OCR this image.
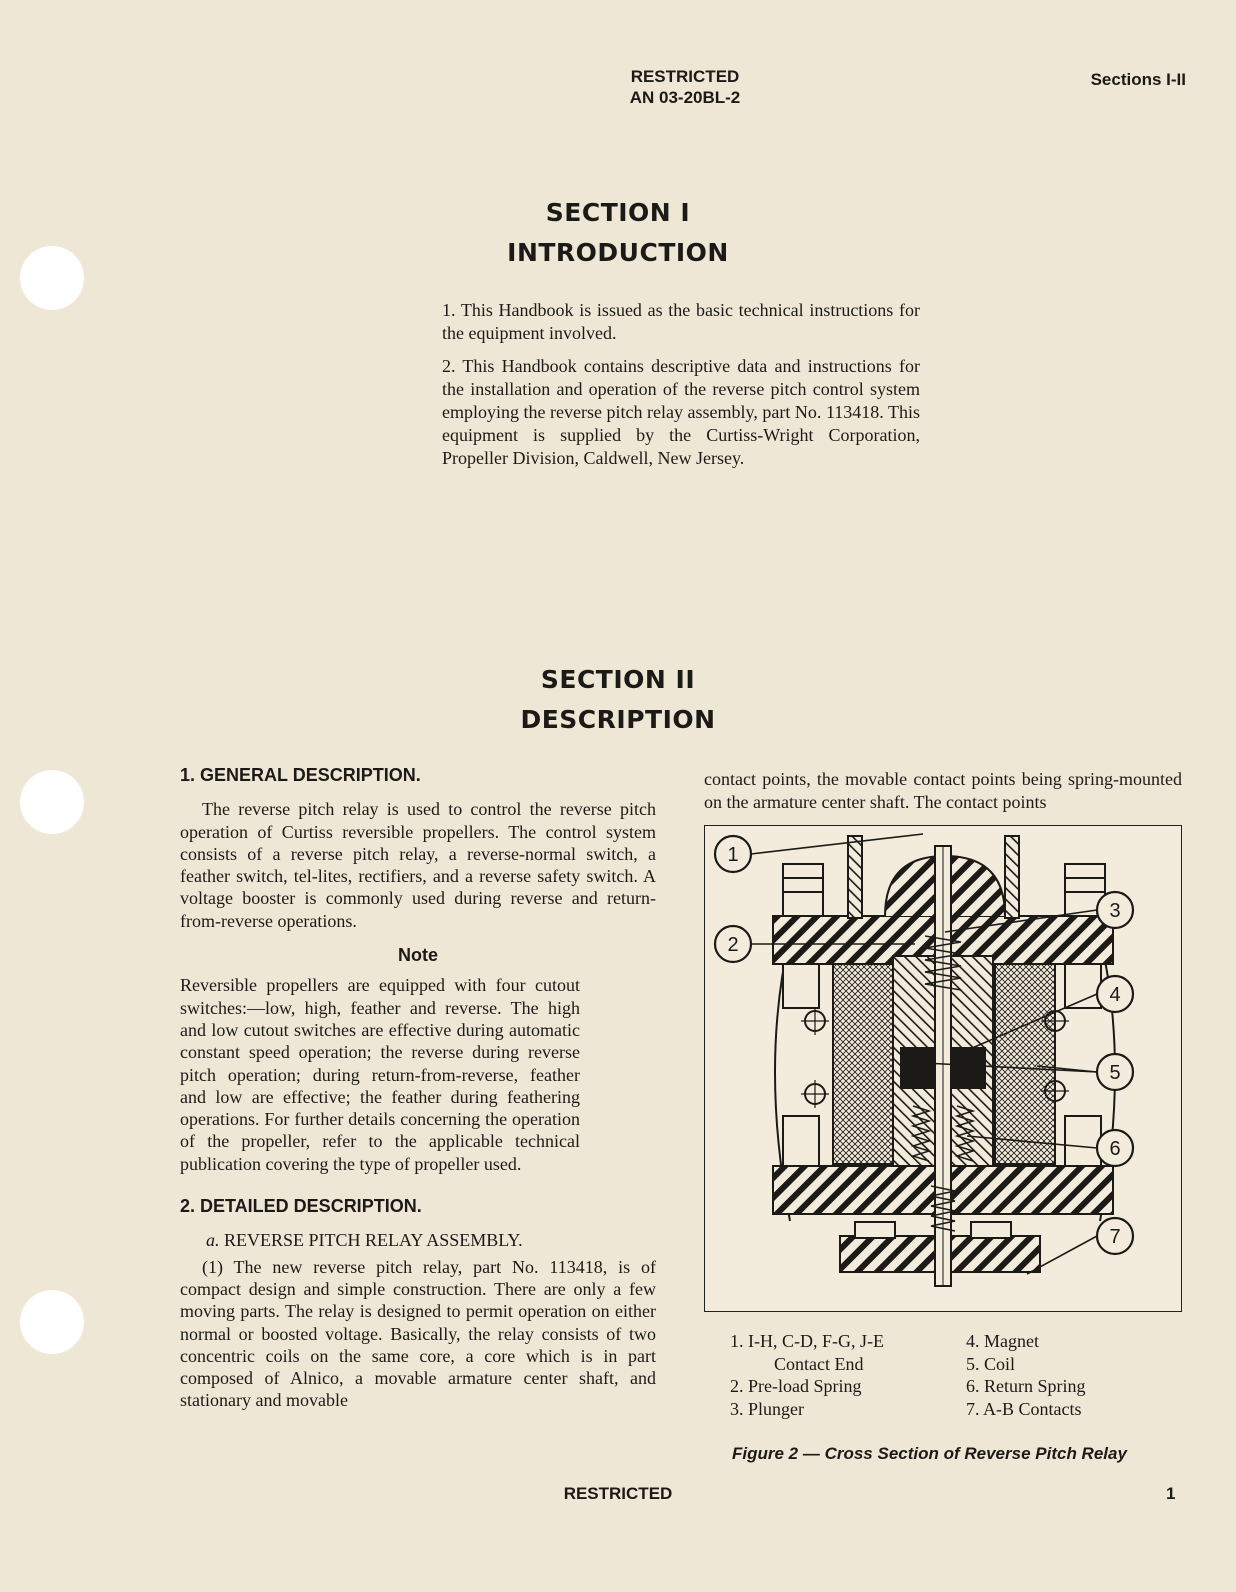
RESTRICTED
AN 03-20BL-2
Sections I-II
SECTION I
INTRODUCTION

1. This Handbook is issued as the basic technical instructions for the equipment involved.

2. This Handbook contains descriptive data and instructions for the installation and operation of the reverse pitch control system employing the reverse pitch relay assembly, part No. 113418. This equipment is supplied by the Curtiss-Wright Corporation, Propeller Division, Caldwell, New Jersey.

SECTION II
DESCRIPTION
1. GENERAL DESCRIPTION.

The reverse pitch relay is used to control the reverse pitch operation of Curtiss reversible propellers. The control system consists of a reverse pitch relay, a reverse-normal switch, a feather switch, tel-lites, rectifiers, and a reverse safety switch. A voltage booster is commonly used during reverse and return-from-reverse operations.

Note

Reversible propellers are equipped with four cutout switches:—low, high, feather and reverse. The high and low cutout switches are effective during automatic constant speed operation; the reverse during reverse pitch operation; during return-from-reverse, feather and low are effective; the feather during feathering operations. For further details concerning the operation of the propeller, refer to the applicable technical publication covering the type of propeller used.

2. DETAILED DESCRIPTION.
a. REVERSE PITCH RELAY ASSEMBLY.

(1) The new reverse pitch relay, part No. 113418, is of compact design and simple construction. There are only a few moving parts. The relay is designed to permit operation on either normal or boosted voltage. Basically, the relay consists of two concentric coils on the same core, a core which is in part composed of Alnico, a movable armature center shaft, and stationary and movable

contact points, the movable contact points being spring-mounted on the armature center shaft. The contact points
1
2
3
4
5
6
7
1. I-H, C-D, F-G, J-E
Contact End
2. Pre-load Spring
3. Plunger
4. Magnet
5. Coil
6. Return Spring
7. A-B Contacts
Figure 2 — Cross Section of Reverse Pitch Relay
RESTRICTED	1
